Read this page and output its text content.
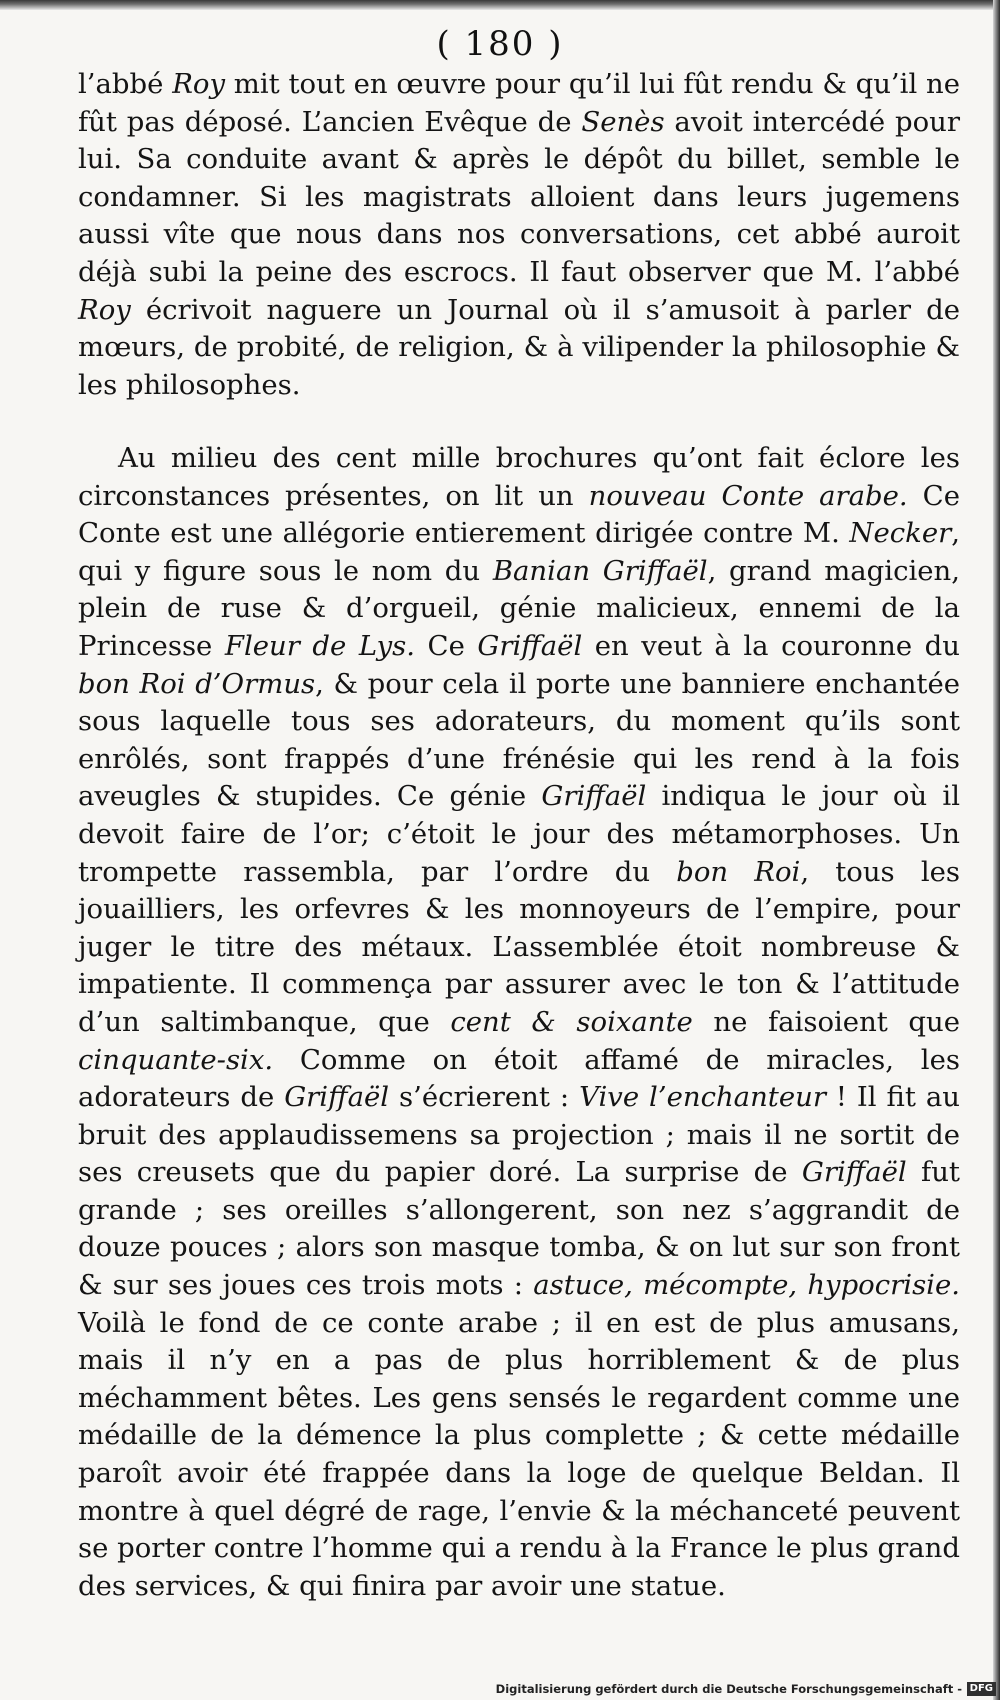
( 180 )

l’abbé Roy mit tout en œuvre pour qu’il lui fût rendu & qu’il ne fût pas déposé. L’ancien Evêque de Senès avoit intercédé pour lui. Sa conduite avant & après le dépôt du billet, semble le condamner. Si les magistrats alloient dans leurs jugemens aussi vîte que nous dans nos conversations, cet abbé auroit déjà subi la peine des escrocs. Il faut observer que M. l’abbé Roy écrivoit naguere un Journal où il s’amusoit à parler de mœurs, de probité, de religion, & à vilipender la philosophie & les philosophes.

Au milieu des cent mille brochures qu’ont fait éclore les circonstances présentes, on lit un nouveau Conte arabe. Ce Conte est une allégorie entierement dirigée contre M. Necker, qui y figure sous le nom du Banian Griffaël, grand magicien, plein de ruse & d’orgueil, génie malicieux, ennemi de la Princesse Fleur de Lys. Ce Griffaël en veut à la couronne du bon Roi d’Ormus, & pour cela il porte une banniere enchantée sous laquelle tous ses adorateurs, du moment qu’ils sont enrôlés, sont frappés d’une frénésie qui les rend à la fois aveugles & stupides. Ce génie Griffaël indiqua le jour où il devoit faire de l’or; c’étoit le jour des métamorphoses. Un trompette rassembla, par l’ordre du bon Roi, tous les jouailliers, les orfevres & les monnoyeurs de l’empire, pour juger le titre des métaux. L’assemblée étoit nombreuse & impatiente. Il commença par assurer avec le ton & l’attitude d’un saltimbanque, que cent & soixante ne faisoient que cinquante-six. Comme on étoit affamé de miracles, les adorateurs de Griffaël s’écrierent : Vive l’enchanteur ! Il fit au bruit des applaudissemens sa projection ; mais il ne sortit de ses creusets que du papier doré. La surprise de Griffaël fut grande ; ses oreilles s’allongerent, son nez s’aggrandit de douze pouces ; alors son masque tomba, & on lut sur son front & sur ses joues ces trois mots : astuce, mécompte, hypocrisie. Voilà le fond de ce conte arabe ; il en est de plus amusans, mais il n’y en a pas de plus horriblement & de plus méchamment bêtes. Les gens sensés le regardent comme une médaille de la démence la plus complette ; & cette médaille paroît avoir été frappée dans la loge de quelque Beldan. Il montre à quel dégré de rage, l’envie & la méchanceté peuvent se porter contre l’homme qui a rendu à la France le plus grand des services, & qui finira par avoir une statue.

Digitalisierung gefördert durch die Deutsche Forschungsgemeinschaft - DFG
